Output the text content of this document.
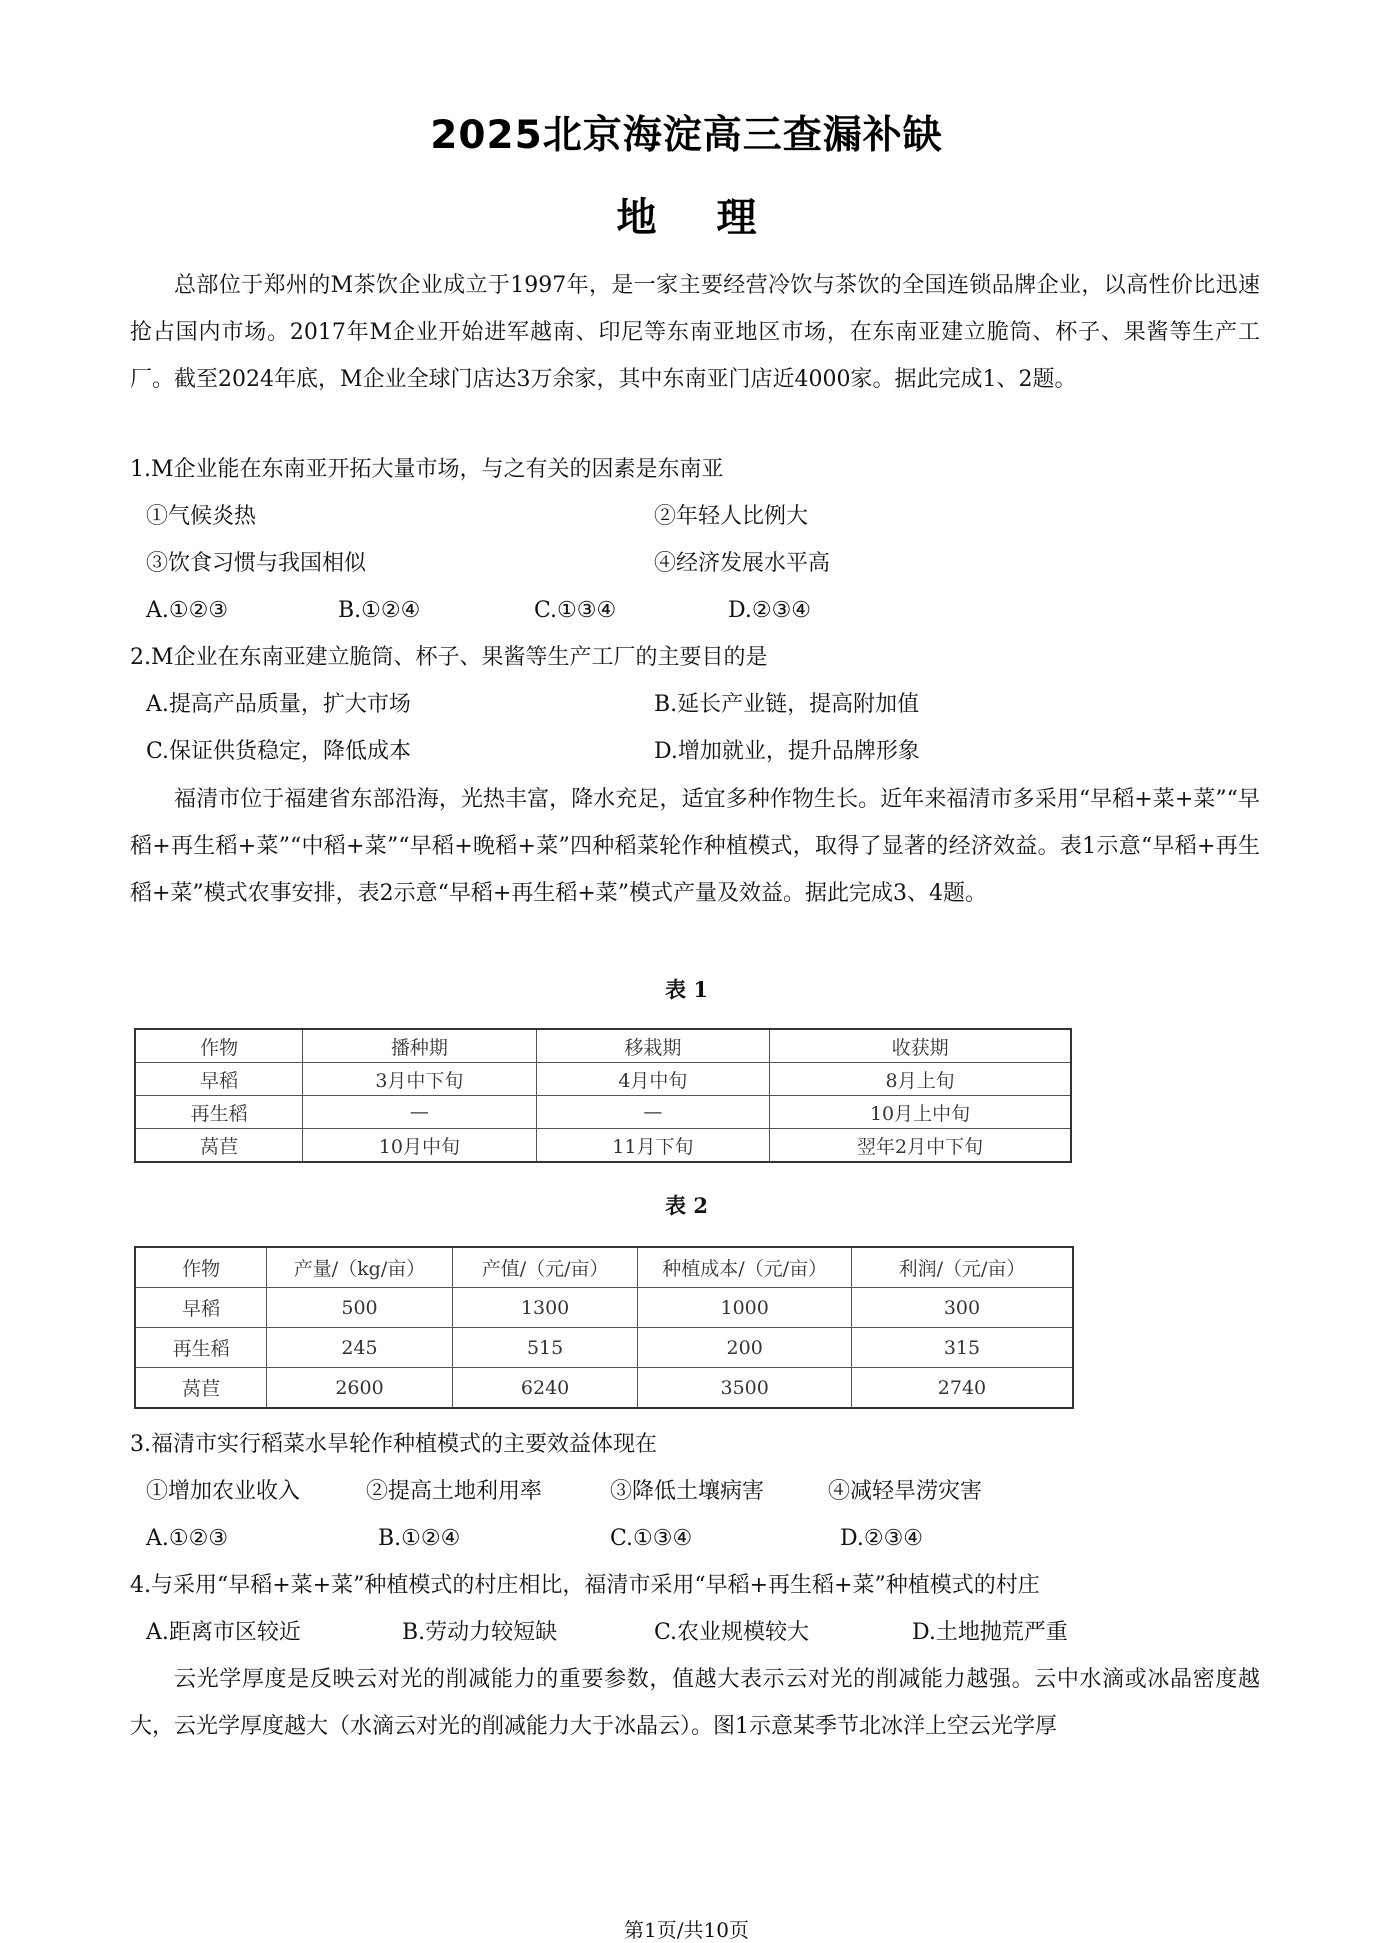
2025北京海淀高三查漏补缺
地理
总部位于郑州的M茶饮企业成立于1997年，是一家主要经营冷饮与茶饮的全国连锁品牌企业，以高性价比迅速抢占国内市场。2017年M企业开始进军越南、印尼等东南亚地区市场，在东南亚建立脆筒、杯子、果酱等生产工厂。截至2024年底，M企业全球门店达3万余家，其中东南亚门店近4000家。据此完成1、2题。
1.M企业能在东南亚开拓大量市场，与之有关的因素是东南亚
①气候炎热	②年轻人比例大
③饮食习惯与我国相似	④经济发展水平高
A.①②③	B.①②④	C.①③④	D.②③④
2.M企业在东南亚建立脆筒、杯子、果酱等生产工厂的主要目的是
A.提高产品质量，扩大市场	B.延长产业链，提高附加值
C.保证供货稳定，降低成本	D.增加就业，提升品牌形象
福清市位于福建省东部沿海，光热丰富，降水充足，适宜多种作物生长。近年来福清市多采用“早稻+菜+菜”“早稻+再生稻+菜”“中稻+菜”“早稻+晚稻+菜”四种稻菜轮作种植模式，取得了显著的经济效益。表1示意“早稻+再生稻+菜”模式农事安排，表2示意“早稻+再生稻+菜”模式产量及效益。据此完成3、4题。
表 1
作物	播种期	移栽期	收获期
早稻	3月中下旬	4月中旬	8月上旬
再生稻	—	—	10月上中旬
莴苣	10月中旬	11月下旬	翌年2月中下旬
表 2
作物	产量/（kg/亩）	产值/（元/亩）	种植成本/（元/亩）	利润/（元/亩）
早稻	500	1300	1000	300
再生稻	245	515	200	315
莴苣	2600	6240	3500	2740
3.福清市实行稻菜水旱轮作种植模式的主要效益体现在
①增加农业收入	②提高土地利用率	③降低土壤病害	④减轻旱涝灾害
A.①②③	B.①②④	C.①③④	D.②③④
4.与采用“早稻+菜+菜”种植模式的村庄相比，福清市采用“早稻+再生稻+菜”种植模式的村庄
A.距离市区较近	B.劳动力较短缺	C.农业规模较大	D.土地抛荒严重
云光学厚度是反映云对光的削减能力的重要参数，值越大表示云对光的削减能力越强。云中水滴或冰晶密度越大，云光学厚度越大（水滴云对光的削减能力大于冰晶云）。图1示意某季节北冰洋上空云光学厚
第1页/共10页
